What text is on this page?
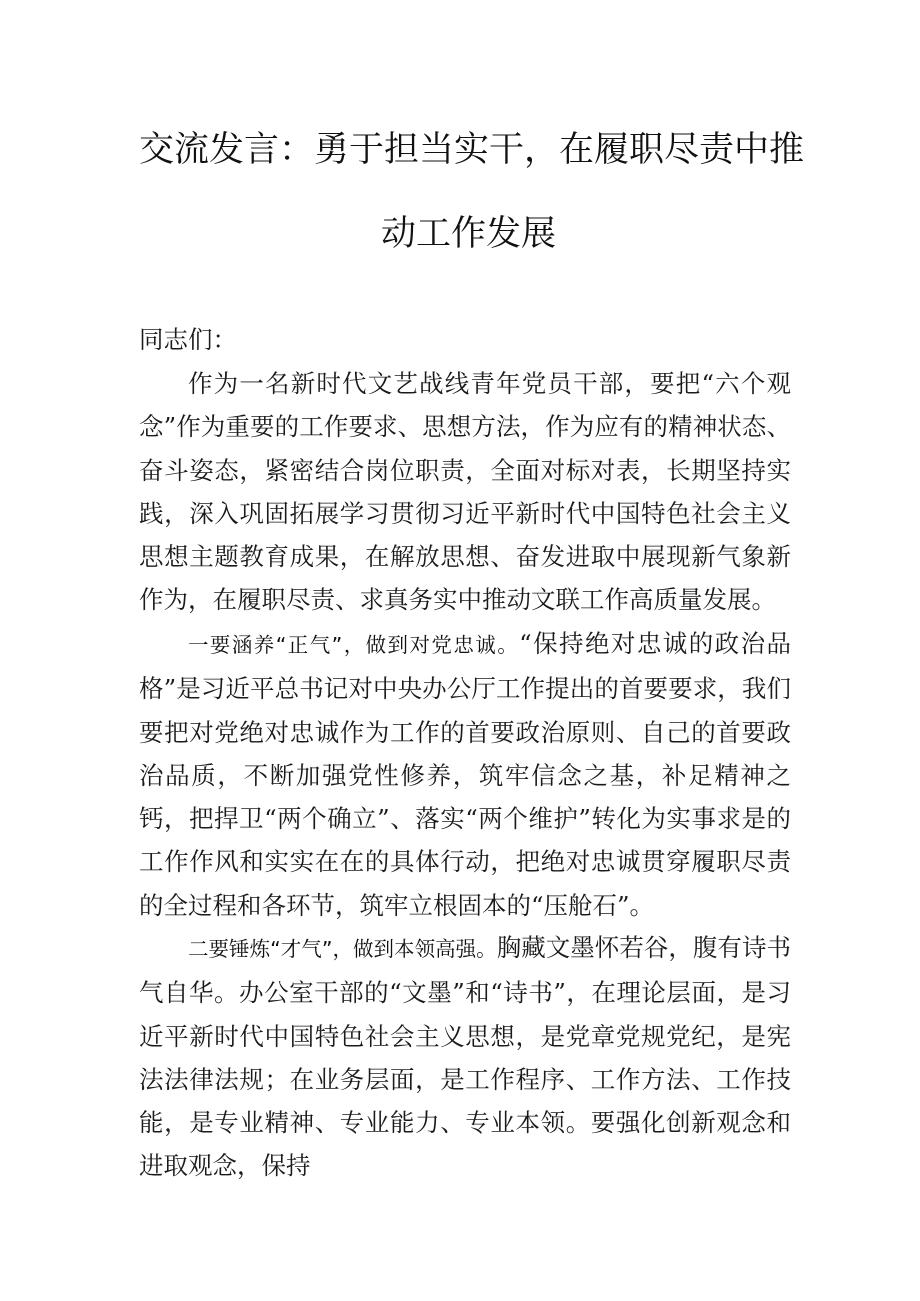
交流发言：勇于担当实干，在履职尽责中推
动工作发展
同志们：

作为一名新时代文艺战线青年党员干部，要把“六个观念”作为重要的工作要求、思想方法，作为应有的精神状态、奋斗姿态，紧密结合岗位职责，全面对标对表，长期坚持实践，深入巩固拓展学习贯彻习近平新时代中国特色社会主义思想主题教育成果，在解放思想、奋发进取中展现新气象新作为，在履职尽责、求真务实中推动文联工作高质量发展。

一要涵养“正气”，做到对党忠诚。“保持绝对忠诚的政治品格”是习近平总书记对中央办公厅工作提出的首要要求，我们要把对党绝对忠诚作为工作的首要政治原则、自己的首要政治品质，不断加强党性修养，筑牢信念之基，补足精神之钙，把捍卫“两个确立”、落实“两个维护”转化为实事求是的工作作风和实实在在的具体行动，把绝对忠诚贯穿履职尽责的全过程和各环节，筑牢立根固本的“压舱石”。

二要锤炼“才气”，做到本领高强。胸藏文墨怀若谷，腹有诗书气自华。办公室干部的“文墨”和“诗书”，在理论层面，是习近平新时代中国特色社会主义思想，是党章党规党纪，是宪法法律法规；在业务层面，是工作程序、工作方法、工作技能，是专业精神、专业能力、专业本领。要强化创新观念和进取观念，保持
